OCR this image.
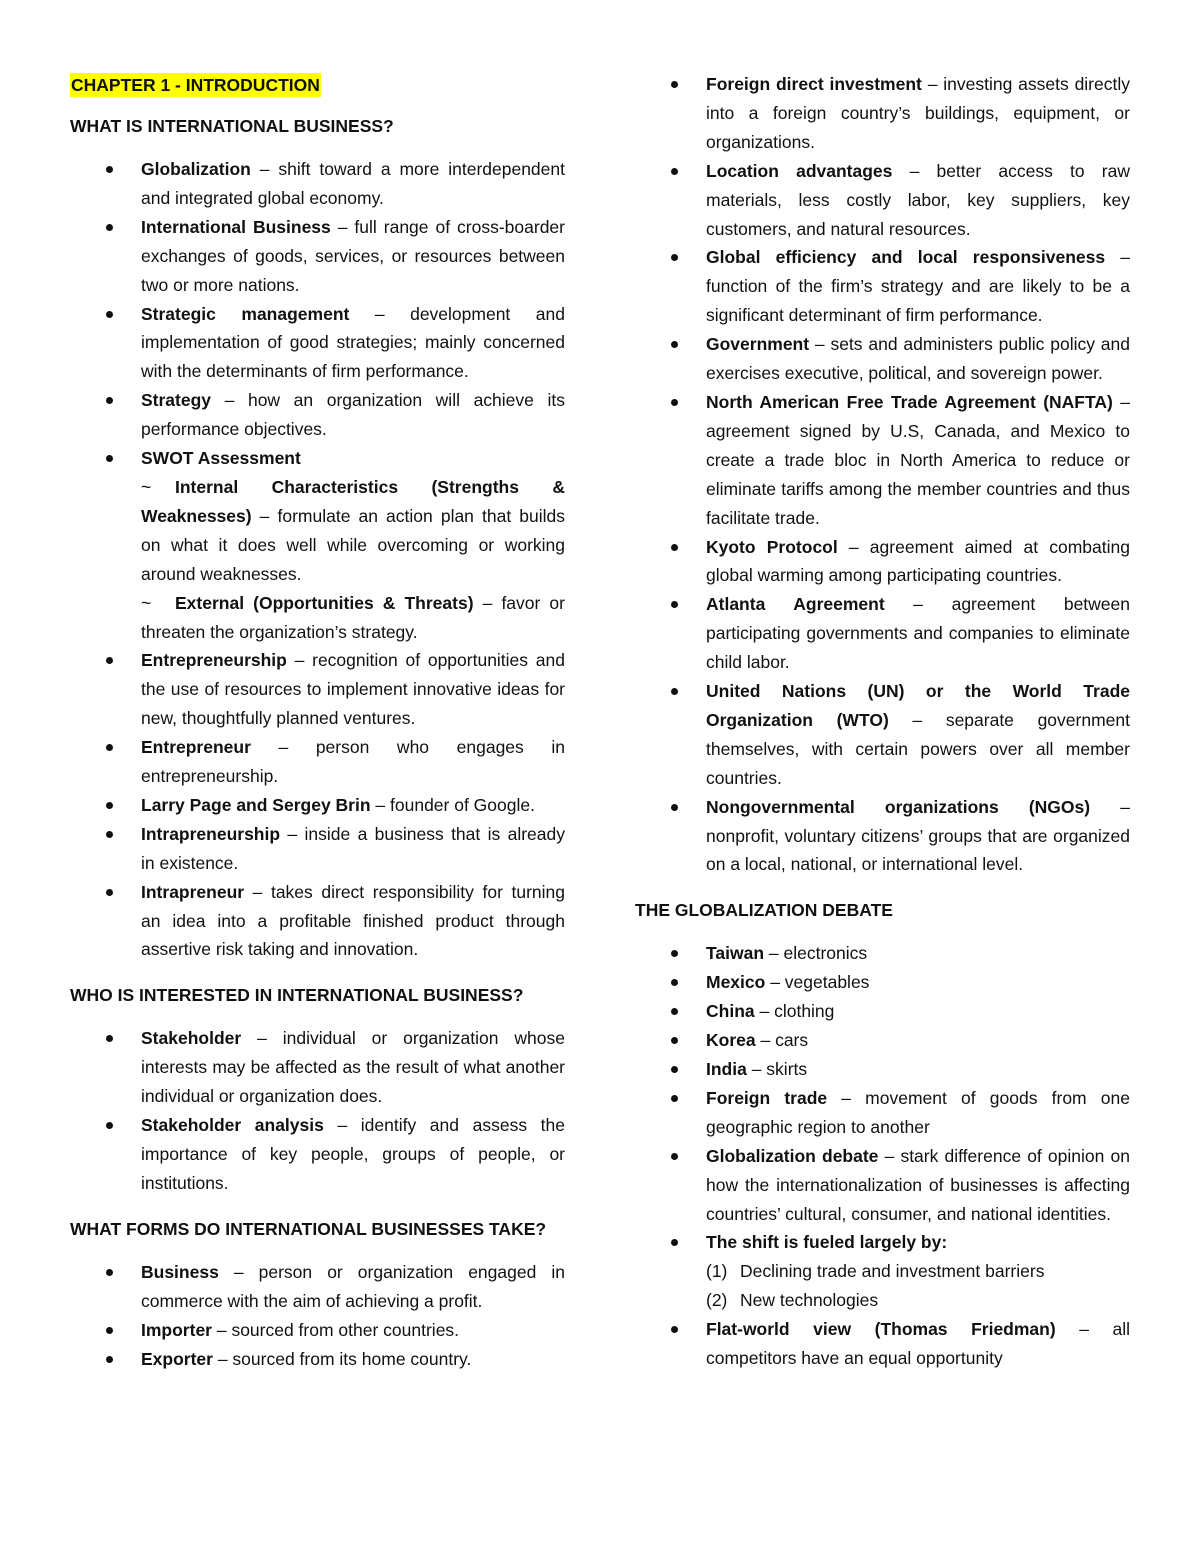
CHAPTER 1 - INTRODUCTION
WHAT IS INTERNATIONAL BUSINESS?
Globalization – shift toward a more interdependent and integrated global economy.
International Business – full range of cross-boarder exchanges of goods, services, or resources between two or more nations.
Strategic management – development and implementation of good strategies; mainly concerned with the determinants of firm performance.
Strategy – how an organization will achieve its performance objectives.
SWOT Assessment
~ Internal Characteristics (Strengths & Weaknesses) – formulate an action plan that builds on what it does well while overcoming or working around weaknesses.
~ External (Opportunities & Threats) – favor or threaten the organization’s strategy.
Entrepreneurship – recognition of opportunities and the use of resources to implement innovative ideas for new, thoughtfully planned ventures.
Entrepreneur – person who engages in entrepreneurship.
Larry Page and Sergey Brin – founder of Google.
Intrapreneurship – inside a business that is already in existence.
Intrapreneur – takes direct responsibility for turning an idea into a profitable finished product through assertive risk taking and innovation.
WHO IS INTERESTED IN INTERNATIONAL BUSINESS?
Stakeholder – individual or organization whose interests may be affected as the result of what another individual or organization does.
Stakeholder analysis – identify and assess the importance of key people, groups of people, or institutions.
WHAT FORMS DO INTERNATIONAL BUSINESSES TAKE?
Business – person or organization engaged in commerce with the aim of achieving a profit.
Importer – sourced from other countries.
Exporter – sourced from its home country.
Foreign direct investment – investing assets directly into a foreign country’s buildings, equipment, or organizations.
Location advantages – better access to raw materials, less costly labor, key suppliers, key customers, and natural resources.
Global efficiency and local responsiveness – function of the firm’s strategy and are likely to be a significant determinant of firm performance.
Government – sets and administers public policy and exercises executive, political, and sovereign power.
North American Free Trade Agreement (NAFTA) – agreement signed by U.S, Canada, and Mexico to create a trade bloc in North America to reduce or eliminate tariffs among the member countries and thus facilitate trade.
Kyoto Protocol – agreement aimed at combating global warming among participating countries.
Atlanta Agreement – agreement between participating governments and companies to eliminate child labor.
United Nations (UN) or the World Trade Organization (WTO) – separate government themselves, with certain powers over all member countries.
Nongovernmental organizations (NGOs) – nonprofit, voluntary citizens’ groups that are organized on a local, national, or international level.
THE GLOBALIZATION DEBATE
Taiwan – electronics
Mexico – vegetables
China – clothing
Korea – cars
India – skirts
Foreign trade – movement of goods from one geographic region to another
Globalization debate – stark difference of opinion on how the internationalization of businesses is affecting countries’ cultural, consumer, and national identities.
The shift is fueled largely by:
(1) Declining trade and investment barriers
(2) New technologies
Flat-world view (Thomas Friedman) – all competitors have an equal opportunity
